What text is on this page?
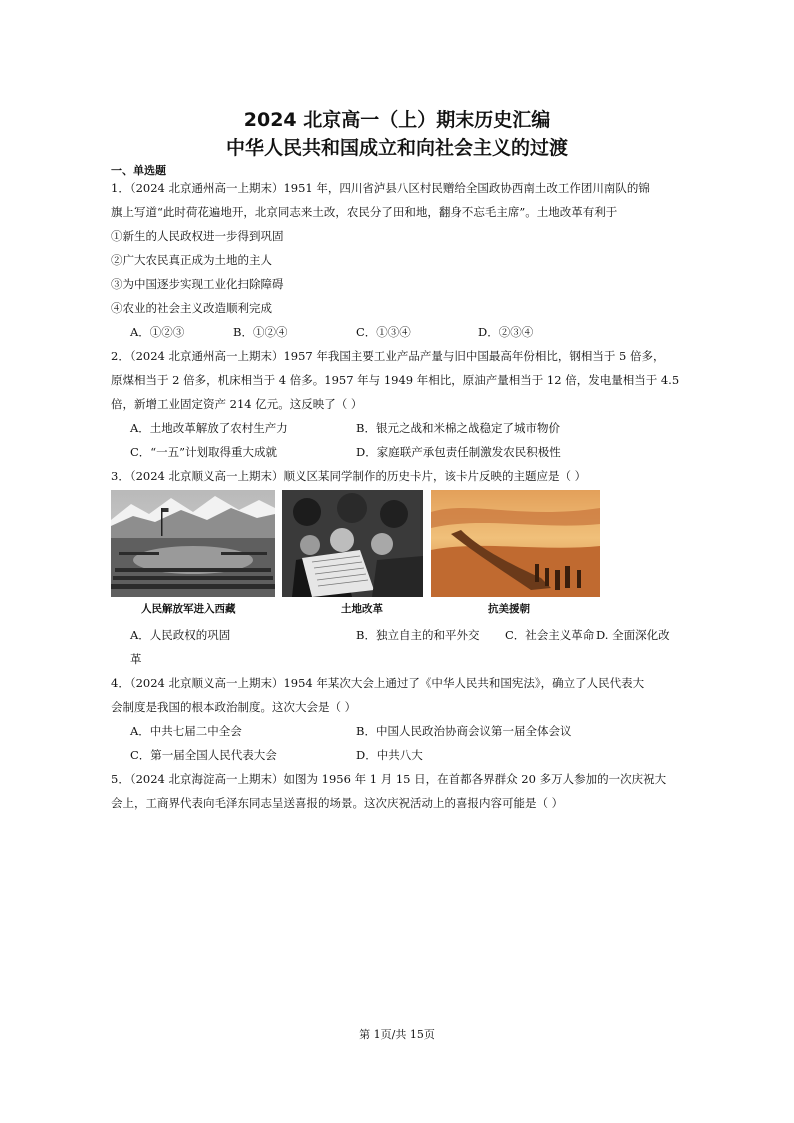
2024 北京高一（上）期末历史汇编
中华人民共和国成立和向社会主义的过渡
一、单选题
1．（2024 北京通州高一上期末）1951 年，四川省泸县八区村民赠给全国政协西南土改工作团川南队的锦
旗上写道“此时荷花遍地开，北京同志来土改，农民分了田和地，翻身不忘毛主席”。土地改革有利于
①新生的人民政权进一步得到巩固
②广大农民真正成为土地的主人
③为中国逐步实现工业化扫除障碍
④农业的社会主义改造顺利完成
A．①②③	B．①②④	C．①③④	D．②③④
2．（2024 北京通州高一上期末）1957 年我国主要工业产品产量与旧中国最高年份相比，钢相当于 5 倍多，
原煤相当于 2 倍多，机床相当于 4 倍多。1957 年与 1949 年相比，原油产量相当于 12 倍，发电量相当于 4.5
倍，新增工业固定资产 214 亿元。这反映了（ ）
A．土地改革解放了农村生产力	B．银元之战和米棉之战稳定了城市物价
C．“一五”计划取得重大成就	D．家庭联产承包责任制激发农民积极性
3．（2024 北京顺义高一上期末）顺义区某同学制作的历史卡片，该卡片反映的主题应是（ ）
人民解放军进入西藏	土地改革	抗美援朝
A．人民政权的巩固	B．独立自主的和平外交 C．社会主义革命 D. 全面深化改
革
4．（2024 北京顺义高一上期末）1954 年某次大会上通过了《中华人民共和国宪法》，确立了人民代表大
会制度是我国的根本政治制度。这次大会是（ ）
A．中共七届二中全会	B．中国人民政治协商会议第一届全体会议
C．第一届全国人民代表大会	D．中共八大
5．（2024 北京海淀高一上期末）如图为 1956 年 1 月 15 日，在首都各界群众 20 多万人参加的一次庆祝大
会上，工商界代表向毛泽东同志呈送喜报的场景。这次庆祝活动上的喜报内容可能是（ ）
第 1页/共 15页
